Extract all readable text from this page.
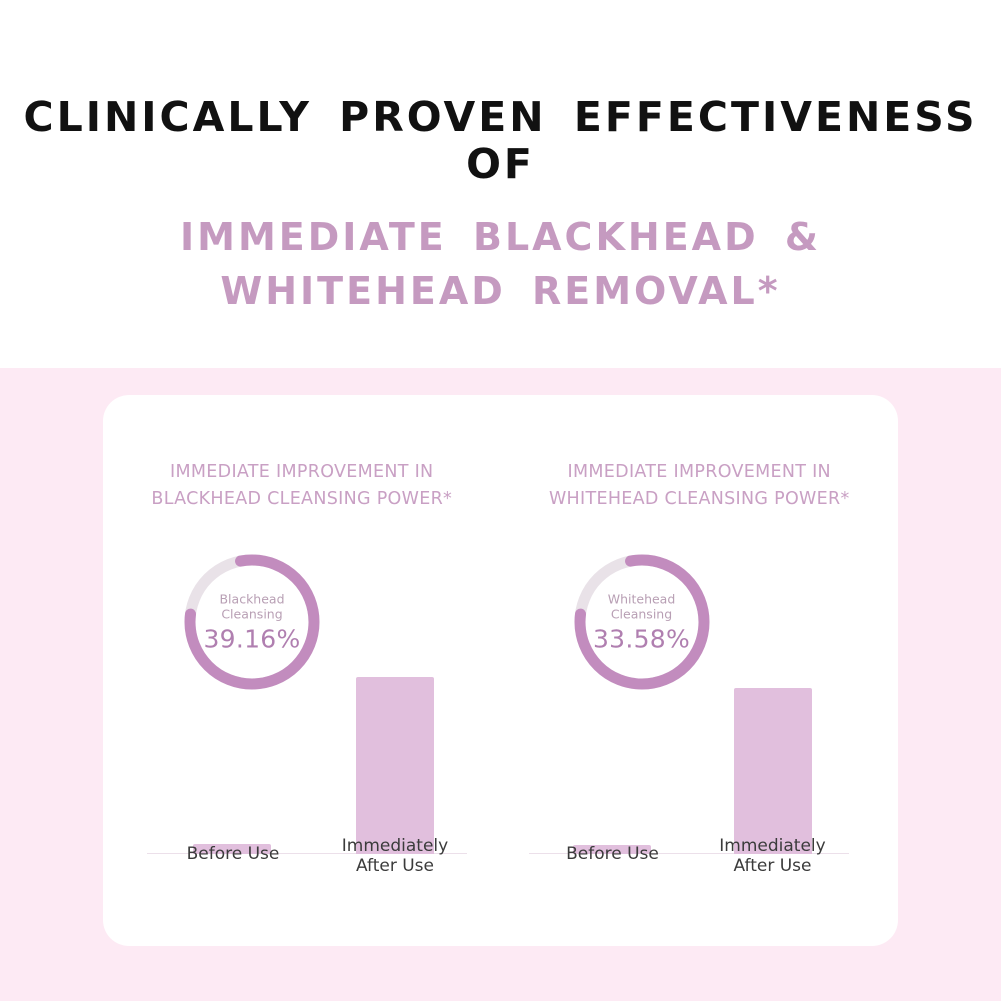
CLINICALLY PROVEN EFFECTIVENESS OF
IMMEDIATE BLACKHEAD &
WHITEHEAD REMOVAL*
IMMEDIATE IMPROVEMENT IN
BLACKHEAD CLEANSING POWER*
Blackhead
Cleansing
39.16%
Before Use	Immediately
After Use
IMMEDIATE IMPROVEMENT IN
WHITEHEAD CLEANSING POWER*
Whitehead
Cleansing
33.58%
Before Use	Immediately
After Use
